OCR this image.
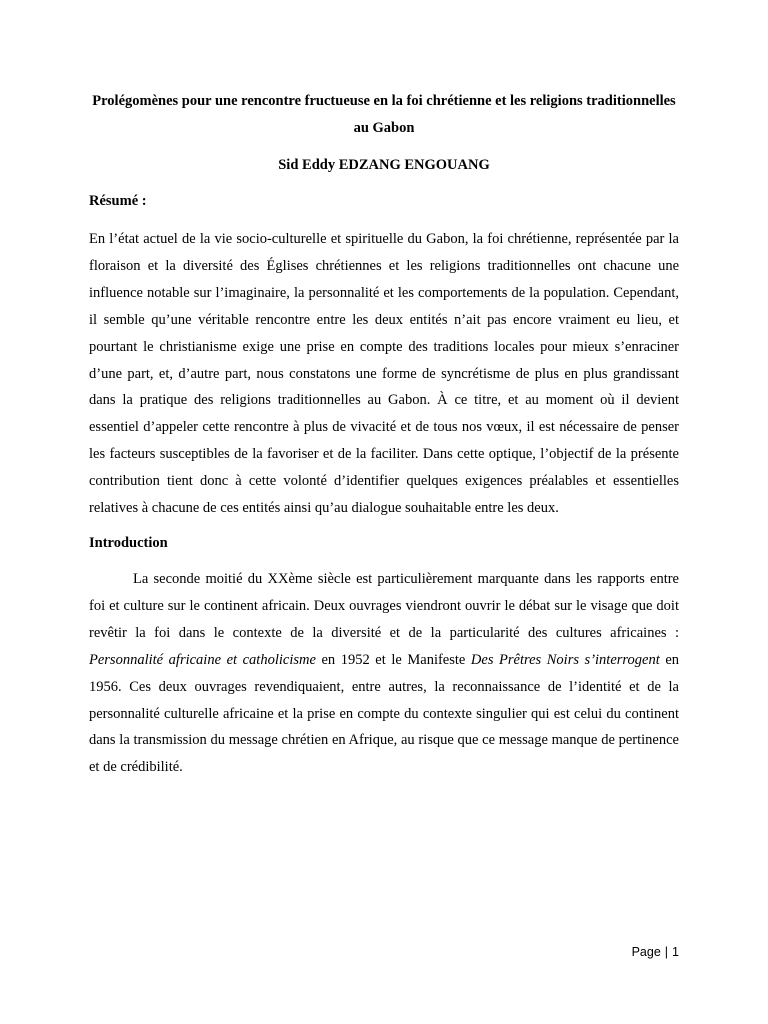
Prolégomènes pour une rencontre fructueuse en la foi chrétienne et les religions traditionnelles au Gabon

Sid Eddy EDZANG ENGOUANG

Résumé :

En l’état actuel de la vie socio-culturelle et spirituelle du Gabon, la foi chrétienne, représentée par la floraison et la diversité des Églises chrétiennes et les religions traditionnelles ont chacune une influence notable sur l’imaginaire, la personnalité et les comportements de la population. Cependant, il semble qu’une véritable rencontre entre les deux entités n’ait pas encore vraiment eu lieu, et pourtant le christianisme exige une prise en compte des traditions locales pour mieux s’enraciner d’une part, et, d’autre part, nous constatons une forme de syncrétisme de plus en plus grandissant dans la pratique des religions traditionnelles au Gabon. À ce titre, et au moment où il devient essentiel d’appeler cette rencontre à plus de vivacité et de tous nos vœux, il est nécessaire de penser les facteurs susceptibles de la favoriser et de la faciliter. Dans cette optique, l’objectif de la présente contribution tient donc à cette volonté d’identifier quelques exigences préalables et essentielles relatives à chacune de ces entités ainsi qu’au dialogue souhaitable entre les deux.

Introduction

La seconde moitié du XXème siècle est particulièrement marquante dans les rapports entre foi et culture sur le continent africain. Deux ouvrages viendront ouvrir le débat sur le visage que doit revêtir la foi dans le contexte de la diversité et de la particularité des cultures africaines : Personnalité africaine et catholicisme en 1952 et le Manifeste Des Prêtres Noirs s’interrogent en 1956. Ces deux ouvrages revendiquaient, entre autres, la reconnaissance de l’identité et de la personnalité culturelle africaine et la prise en compte du contexte singulier qui est celui du continent dans la transmission du message chrétien en Afrique, au risque que ce message manque de pertinence et de crédibilité.

Page | 1
